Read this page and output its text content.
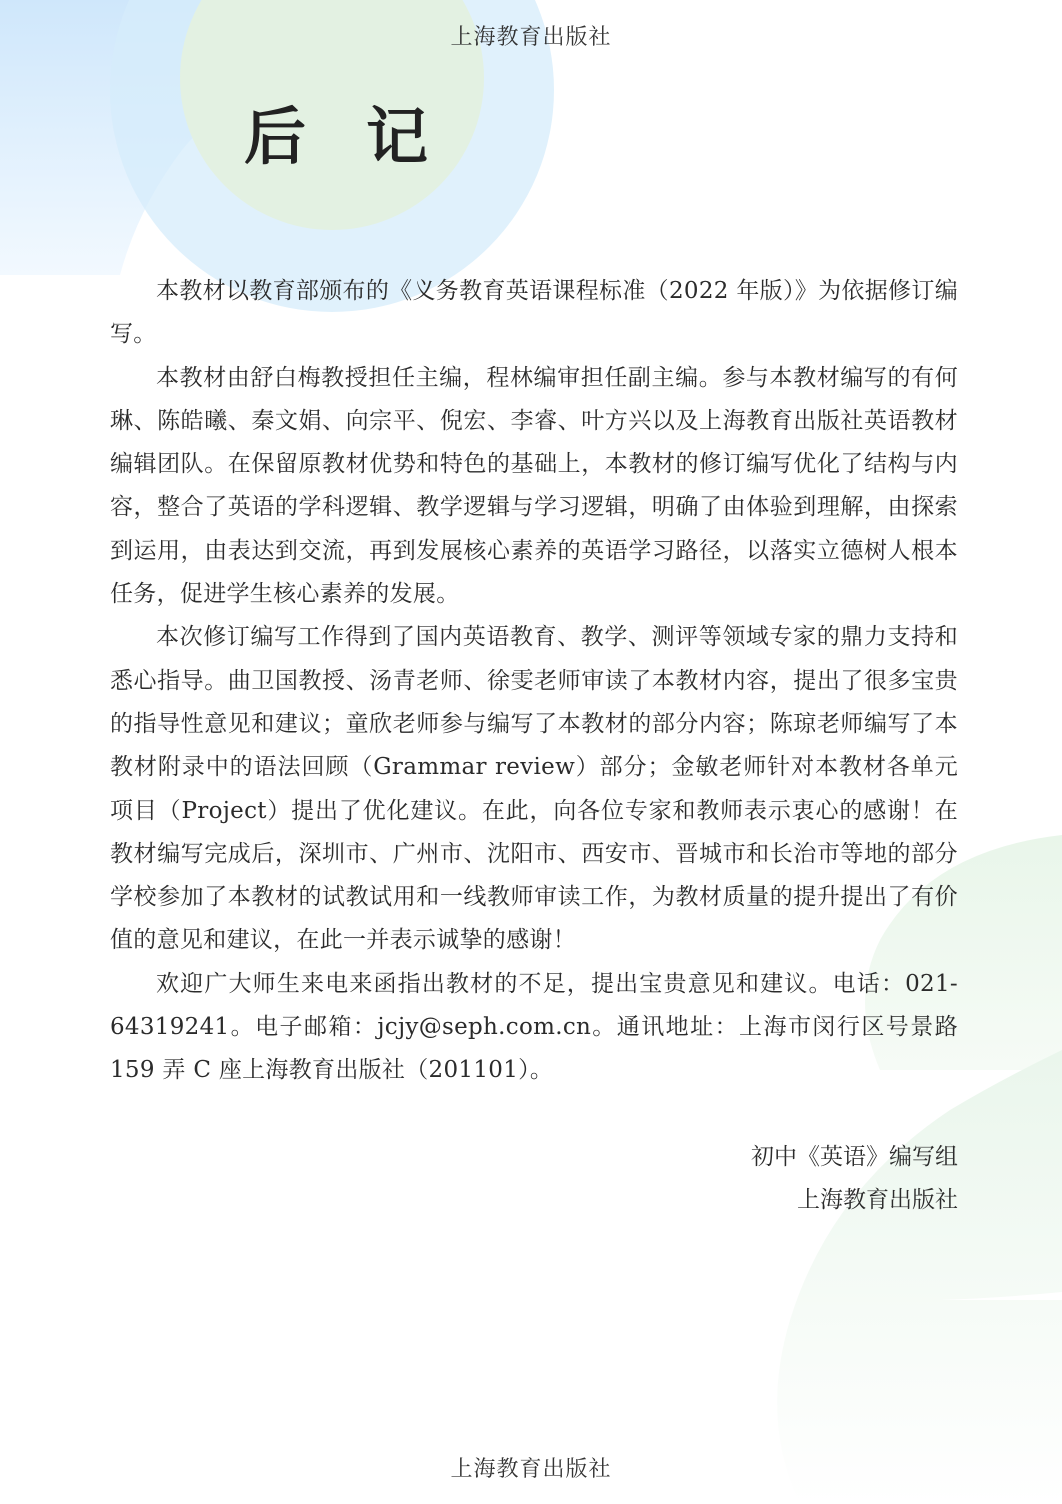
上海教育出版社
后记

本教材以教育部颁布的《义务教育英语课程标准（2022 年版）》为依据修订编写。

本教材由舒白梅教授担任主编，程林编审担任副主编。参与本教材编写的有何琳、陈皓曦、秦文娟、向宗平、倪宏、李睿、叶方兴以及上海教育出版社英语教材编辑团队。在保留原教材优势和特色的基础上，本教材的修订编写优化了结构与内容，整合了英语的学科逻辑、教学逻辑与学习逻辑，明确了由体验到理解，由探索到运用，由表达到交流，再到发展核心素养的英语学习路径，以落实立德树人根本任务，促进学生核心素养的发展。

本次修订编写工作得到了国内英语教育、教学、测评等领域专家的鼎力支持和悉心指导。曲卫国教授、汤青老师、徐雯老师审读了本教材内容，提出了很多宝贵的指导性意见和建议；童欣老师参与编写了本教材的部分内容；陈琼老师编写了本教材附录中的语法回顾（Grammar review）部分；金敏老师针对本教材各单元项目（Project）提出了优化建议。在此，向各位专家和教师表示衷心的感谢！在教材编写完成后，深圳市、广州市、沈阳市、西安市、晋城市和长治市等地的部分学校参加了本教材的试教试用和一线教师审读工作，为教材质量的提升提出了有价值的意见和建议，在此一并表示诚挚的感谢！

欢迎广大师生来电来函指出教材的不足，提出宝贵意见和建议。电话：021-64319241。电子邮箱：jcjy@seph.com.cn。通讯地址：上海市闵行区号景路 159 弄 C 座上海教育出版社（201101）。

初中《英语》编写组
上海教育出版社
上海教育出版社
